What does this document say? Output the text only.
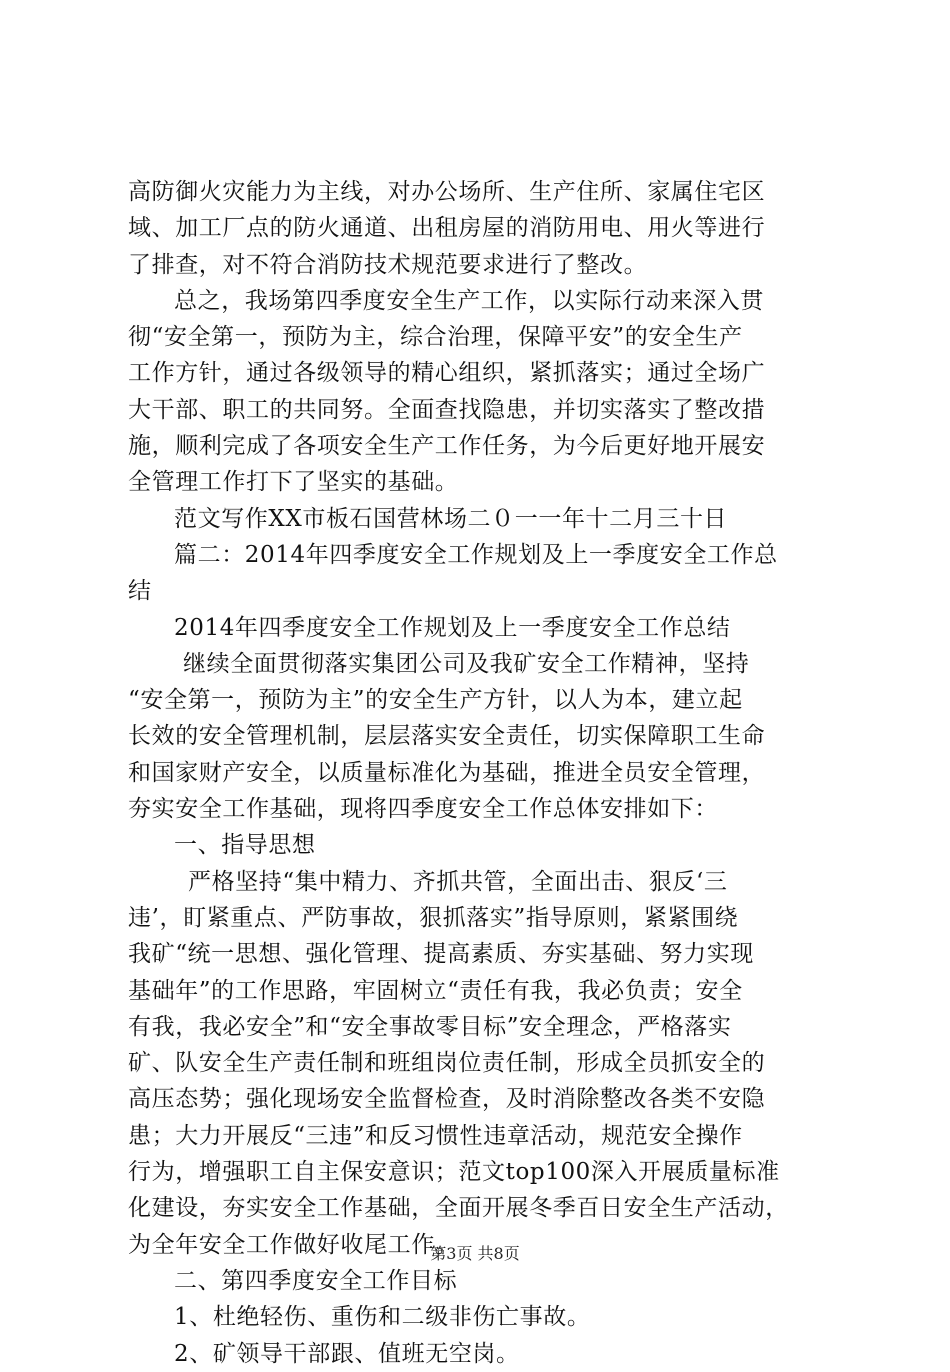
高防御火灾能力为主线，对办公场所、生产住所、家属住宅区
域、加工厂点的防火通道、出租房屋的消防用电、用火等进行
了排查，对不符合消防技术规范要求进行了整改。
总之，我场第四季度安全生产工作，以实际行动来深入贯
彻“安全第一，预防为主，综合治理，保障平安”的安全生产
工作方针，通过各级领导的精心组织，紧抓落实；通过全场广
大干部、职工的共同努。全面查找隐患，并切实落实了整改措
施，顺利完成了各项安全生产工作任务，为今后更好地开展安
全管理工作打下了坚实的基础。
范文写作XX市板石国营林场二０一一年十二月三十日
篇二：2014年四季度安全工作规划及上一季度安全工作总
结
2014年四季度安全工作规划及上一季度安全工作总结
继续全面贯彻落实集团公司及我矿安全工作精神，坚持
“安全第一，预防为主”的安全生产方针，以人为本，建立起
长效的安全管理机制，层层落实安全责任，切实保障职工生命
和国家财产安全，以质量标准化为基础，推进全员安全管理，
夯实安全工作基础，现将四季度安全工作总体安排如下：
一、指导思想
严格坚持“集中精力、齐抓共管，全面出击、狠反‘三
违’，盯紧重点、严防事故，狠抓落实”指导原则，紧紧围绕
我矿“统一思想、强化管理、提高素质、夯实基础、努力实现
基础年”的工作思路，牢固树立“责任有我，我必负责；安全
有我，我必安全”和“安全事故零目标”安全理念，严格落实
矿、队安全生产责任制和班组岗位责任制，形成全员抓安全的
高压态势；强化现场安全监督检查，及时消除整改各类不安隐
患；大力开展反“三违”和反习惯性违章活动，规范安全操作
行为，增强职工自主保安意识；范文top100深入开展质量标准
化建设，夯实安全工作基础，全面开展冬季百日安全生产活动，
为全年安全工作做好收尾工作。
二、第四季度安全工作目标
1、杜绝轻伤、重伤和二级非伤亡事故。
2、矿领导干部跟、值班无空岗。
第3页 共8页
